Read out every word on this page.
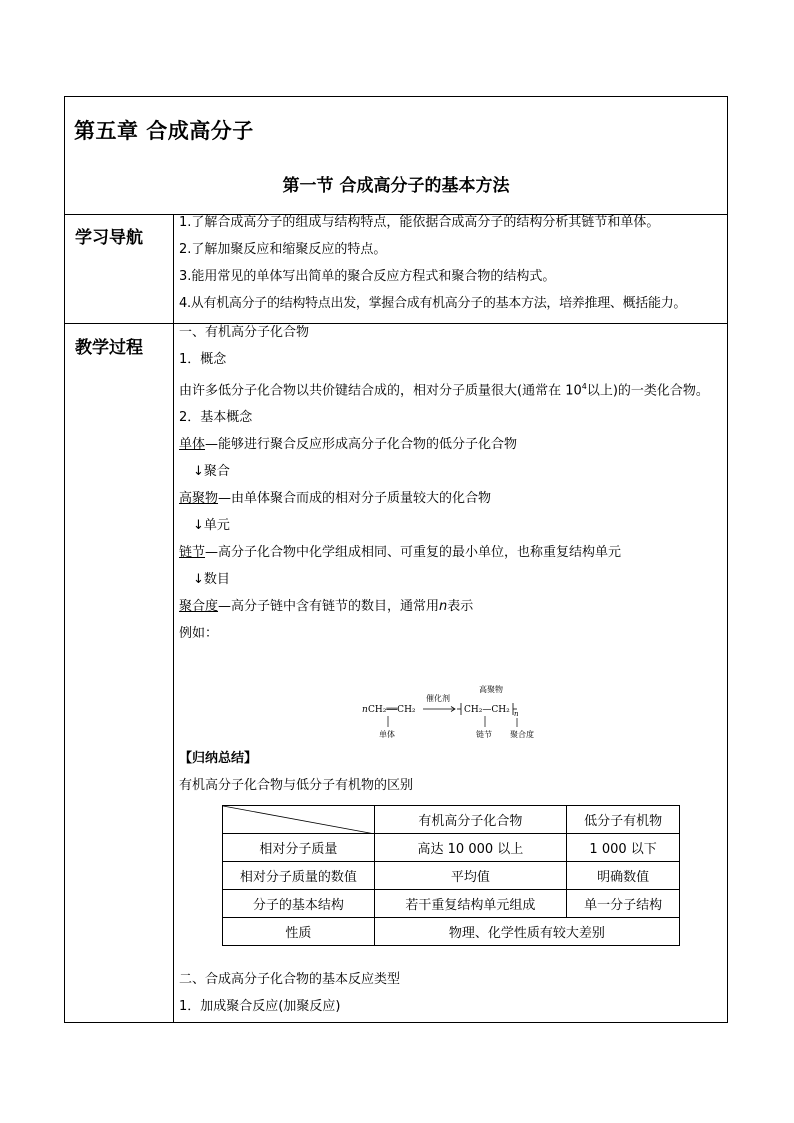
第五章 合成高分子
第一节 合成高分子的基本方法
学习导航

1.了解合成高分子的组成与结构特点，能依据合成高分子的结构分析其链节和单体。

2.了解加聚反应和缩聚反应的特点。

3.能用常见的单体写出简单的聚合反应方程式和聚合物的结构式。

4.从有机高分子的结构特点出发，掌握合成有机高分子的基本方法，培养推理、概括能力。

教学过程

一、有机高分子化合物

1．概念

由许多低分子化合物以共价键结合成的，相对分子质量很大(通常在 $10^4$以上)的一类化合物。

2．基本概念

单体—能够进行聚合反应形成高分子化合物的低分子化合物

↓聚合

高聚物—由单体聚合而成的相对分子质量较大的化合物

↓单元

链节—高分子化合物中化学组成相同、可重复的最小单位，也称重复结构单元

↓数目

聚合度—高分子链中含有链节的数目，通常用n表示

例如：

n CH₂══CH₂
催化剂
高聚物
CH₂—CH₂ n
单体	链节 聚合度

【归纳总结】

有机高分子化合物与低分子有机物的区别

	有机高分子化合物	低分子有机物
相对分子质量	高达 10 000 以上	1 000 以下
相对分子质量的数值	平均值	明确数值
分子的基本结构	若干重复结构单元组成	单一分子结构
性质	物理、化学性质有较大差别	

二、合成高分子化合物的基本反应类型

1．加成聚合反应(加聚反应)
